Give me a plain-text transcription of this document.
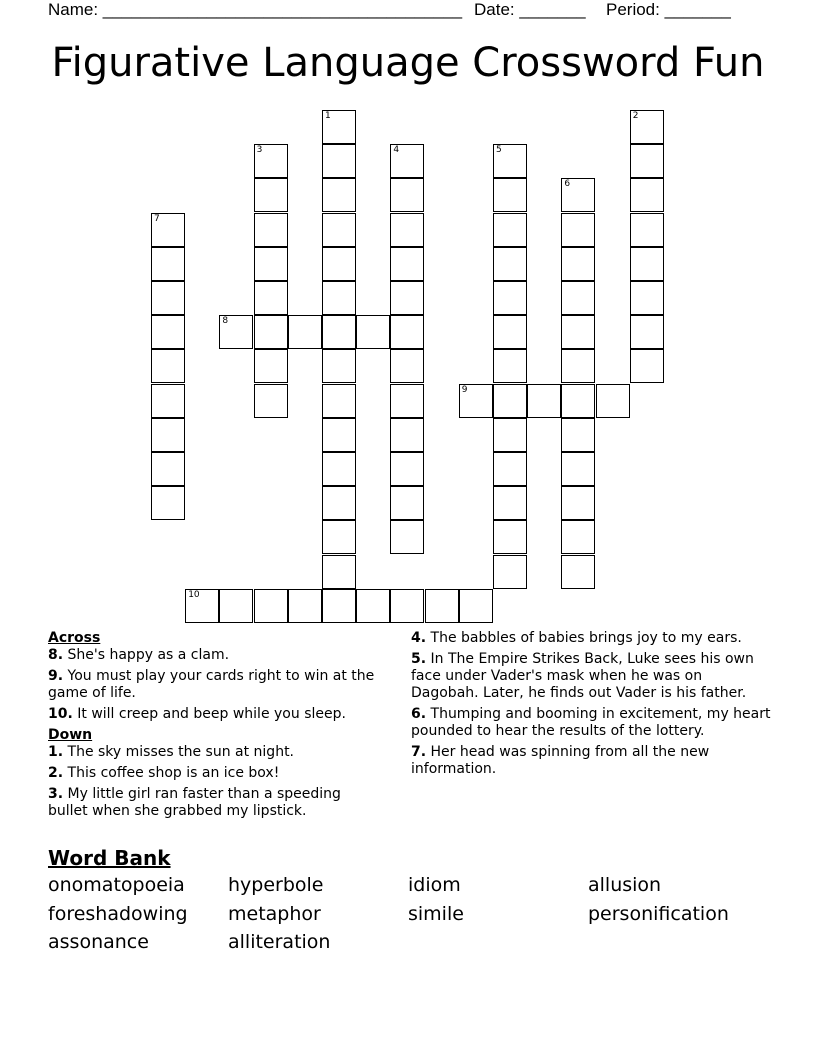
Name: ______________________________________ Date: _______ Period: _______
Figurative Language Crossword Fun
1	2
3	4	5
6
7
8
9
10
Across
8. She's happy as a clam.
9. You must play your cards right to win at the game of life.
10. It will creep and beep while you sleep.
Down
1. The sky misses the sun at night.
2. This coffee shop is an ice box!
3. My little girl ran faster than a speeding bullet when she grabbed my lipstick.
4. The babbles of babies brings joy to my ears.
5. In The Empire Strikes Back, Luke sees his own face under Vader's mask when he was on Dagobah. Later, he finds out Vader is his father.
6. Thumping and booming in excitement, my heart pounded to hear the results of the lottery.
7. Her head was spinning from all the new information.
Word Bank
onomatopoeia hyperbole	idiom	allusion
foreshadowing metaphor	simile	personification
assonance	alliteration
